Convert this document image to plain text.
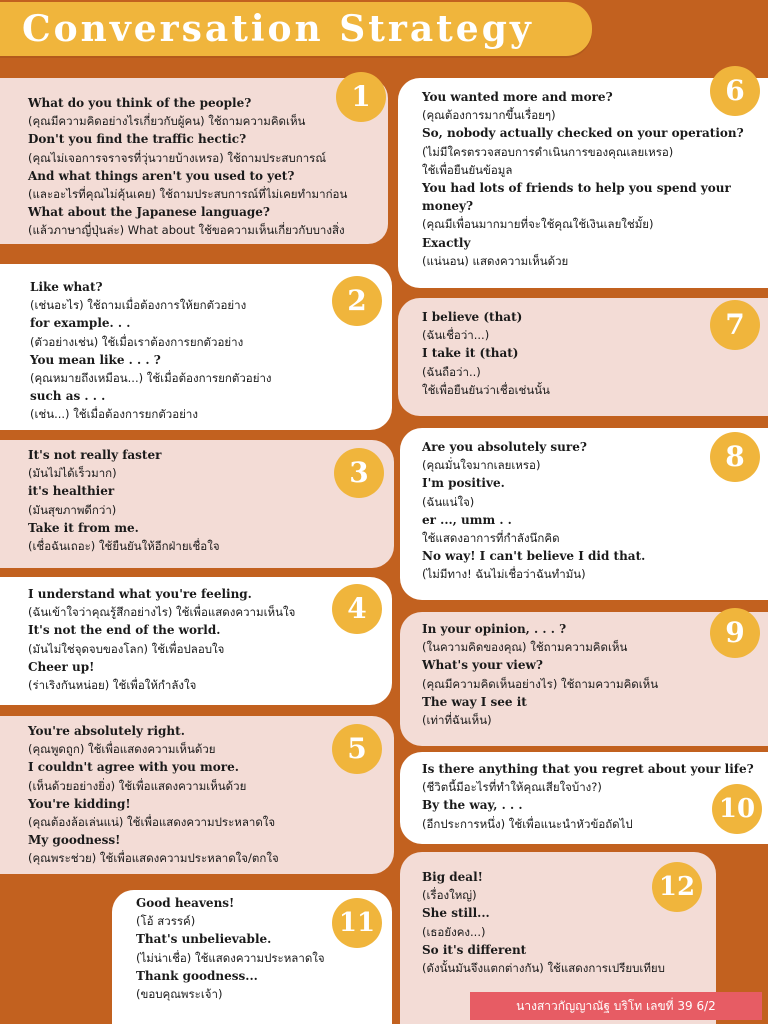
Conversation Strategy
What do you think of the people?
(คุณมีความคิดอย่างไรเกี่ยวกับผู้คน) ใช้ถามความคิดเห็น
Don't you find the traffic hectic?
(คุณไม่เจอการจราจรที่วุ่นวายบ้างเหรอ) ใช้ถามประสบการณ์
And what things aren't you used to yet?
(และอะไรที่คุณไม่คุ้นเคย) ใช้ถามประสบการณ์ที่ไม่เคยทำมาก่อน
What about the Japanese language?
(แล้วภาษาญี่ปุ่นล่ะ) What about ใช้ขอความเห็นเกี่ยวกับบางสิ่ง
1
Like what?
(เช่นอะไร) ใช้ถามเมื่อต้องการให้ยกตัวอย่าง
for example. . .
(ตัวอย่างเช่น) ใช้เมื่อเราต้องการยกตัวอย่าง
You mean like . . . ?
(คุณหมายถึงเหมือน...) ใช้เมื่อต้องการยกตัวอย่าง
such as . . .
(เช่น...) ใช้เมื่อต้องการยกตัวอย่าง
2
It's not really faster
(มันไม่ได้เร็วมาก)
it's healthier
(มันสุขภาพดีกว่า)
Take it from me.
(เชื่อฉันเถอะ) ใช้ยืนยันให้อีกฝ่ายเชื่อใจ
3
I understand what you're feeling.
(ฉันเข้าใจว่าคุณรู้สึกอย่างไร) ใช้เพื่อแสดงความเห็นใจ
It's not the end of the world.
(มันไม่ใช่จุดจบของโลก) ใช้เพื่อปลอบใจ
Cheer up!
(ร่าเริงกันหน่อย) ใช้เพื่อให้กำลังใจ
4
You're absolutely right.
(คุณพูดถูก) ใช้เพื่อแสดงความเห็นด้วย
I couldn't agree with you more.
(เห็นด้วยอย่างยิ่ง) ใช้เพื่อแสดงความเห็นด้วย
You're kidding!
(คุณต้องล้อเล่นแน่) ใช้เพื่อแสดงความประหลาดใจ
My goodness!
(คุณพระช่วย) ใช้เพื่อแสดงความประหลาดใจ/ตกใจ
5
You wanted more and more?
(คุณต้องการมากขึ้นเรื่อยๆ)
So, nobody actually checked on your operation?
(ไม่มีใครตรวจสอบการดำเนินการของคุณเลยเหรอ)
ใช้เพื่อยืนยันข้อมูล
You had lots of friends to help you spend your
money?
(คุณมีเพื่อนมากมายที่จะใช้คุณใช้เงินเลยใช่มั้ย)
Exactly
(แน่นอน) แสดงความเห็นด้วย
6
I believe (that)
(ฉันเชื่อว่า...)
I take it (that)
(ฉันถือว่า..)
ใช้เพื่อยืนยันว่าเชื่อเช่นนั้น
7
Are you absolutely sure?
(คุณมั่นใจมากเลยเหรอ)
I'm positive.
(ฉันแน่ใจ)
er ..., umm . .
ใช้แสดงอาการที่กำลังนึกคิด
No way! I can't believe I did that.
(ไม่มีทาง! ฉันไม่เชื่อว่าฉันทำมัน)
8
In your opinion, . . . ?
(ในความคิดของคุณ) ใช้ถามความคิดเห็น
What's your view?
(คุณมีความคิดเห็นอย่างไร) ใช้ถามความคิดเห็น
The way I see it
(เท่าที่ฉันเห็น)
9
Is there anything that you regret about your life?
(ชีวิตนี้มีอะไรที่ทำให้คุณเสียใจบ้าง?)
By the way, . . .
(อีกประการหนึ่ง) ใช้เพื่อแนะนำหัวข้อถัดไป	10
Good heavens!
(โอ้ สวรรค์)
That's unbelievable.
(ไม่น่าเชื่อ) ใช้แสดงความประหลาดใจ
Thank goodness...
(ขอบคุณพระเจ้า)
11
Big deal!
(เรื่องใหญ่)
She still...
(เธอยังคง...)
So it's different
(ดังนั้นมันจึงแตกต่างกัน) ใช้แสดงการเปรียบเทียบ
12
นางสาวกัญญาณัฐ บริโท เลขที่ 39 6/2
